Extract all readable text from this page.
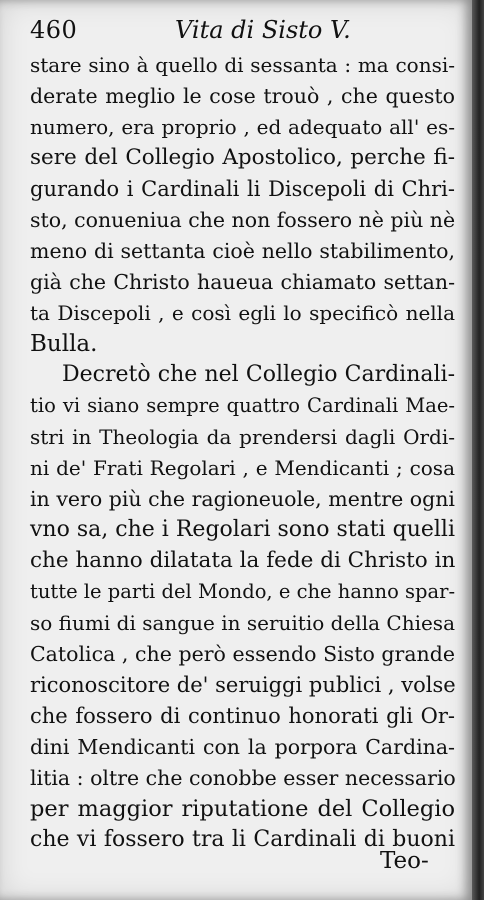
460	Vita di Sisto V.
stare sino à quello di sessanta : ma consi-
derate meglio le cose trouò , che questo
numero, era proprio , ed adequato all' es-
sere del Collegio Apostolico, perche fi-
gurando i Cardinali li Discepoli di Chri-
sto, conueniua che non fossero nè più nè
meno di settanta cioè nello stabilimento,
già che Christo haueua chiamato settan-
ta Discepoli , e così egli lo specificò nella
Bulla.
Decretò che nel Collegio Cardinali-
tio vi siano sempre quattro Cardinali Mae-
stri in Theologia da prendersi dagli Ordi-
ni de' Frati Regolari , e Mendicanti ; cosa
in vero più che ragioneuole, mentre ogni
vno sa, che i Regolari sono stati quelli
che hanno dilatata la fede di Christo in
tutte le parti del Mondo, e che hanno spar-
so fiumi di sangue in seruitio della Chiesa
Catolica , che però essendo Sisto grande
riconoscitore de' seruiggi publici , volse
che fossero di continuo honorati gli Or-
dini Mendicanti con la porpora Cardina-
litia : oltre che conobbe esser necessario
per maggior riputatione del Collegio
che vi fossero tra li Cardinali di buoni
Teo-
